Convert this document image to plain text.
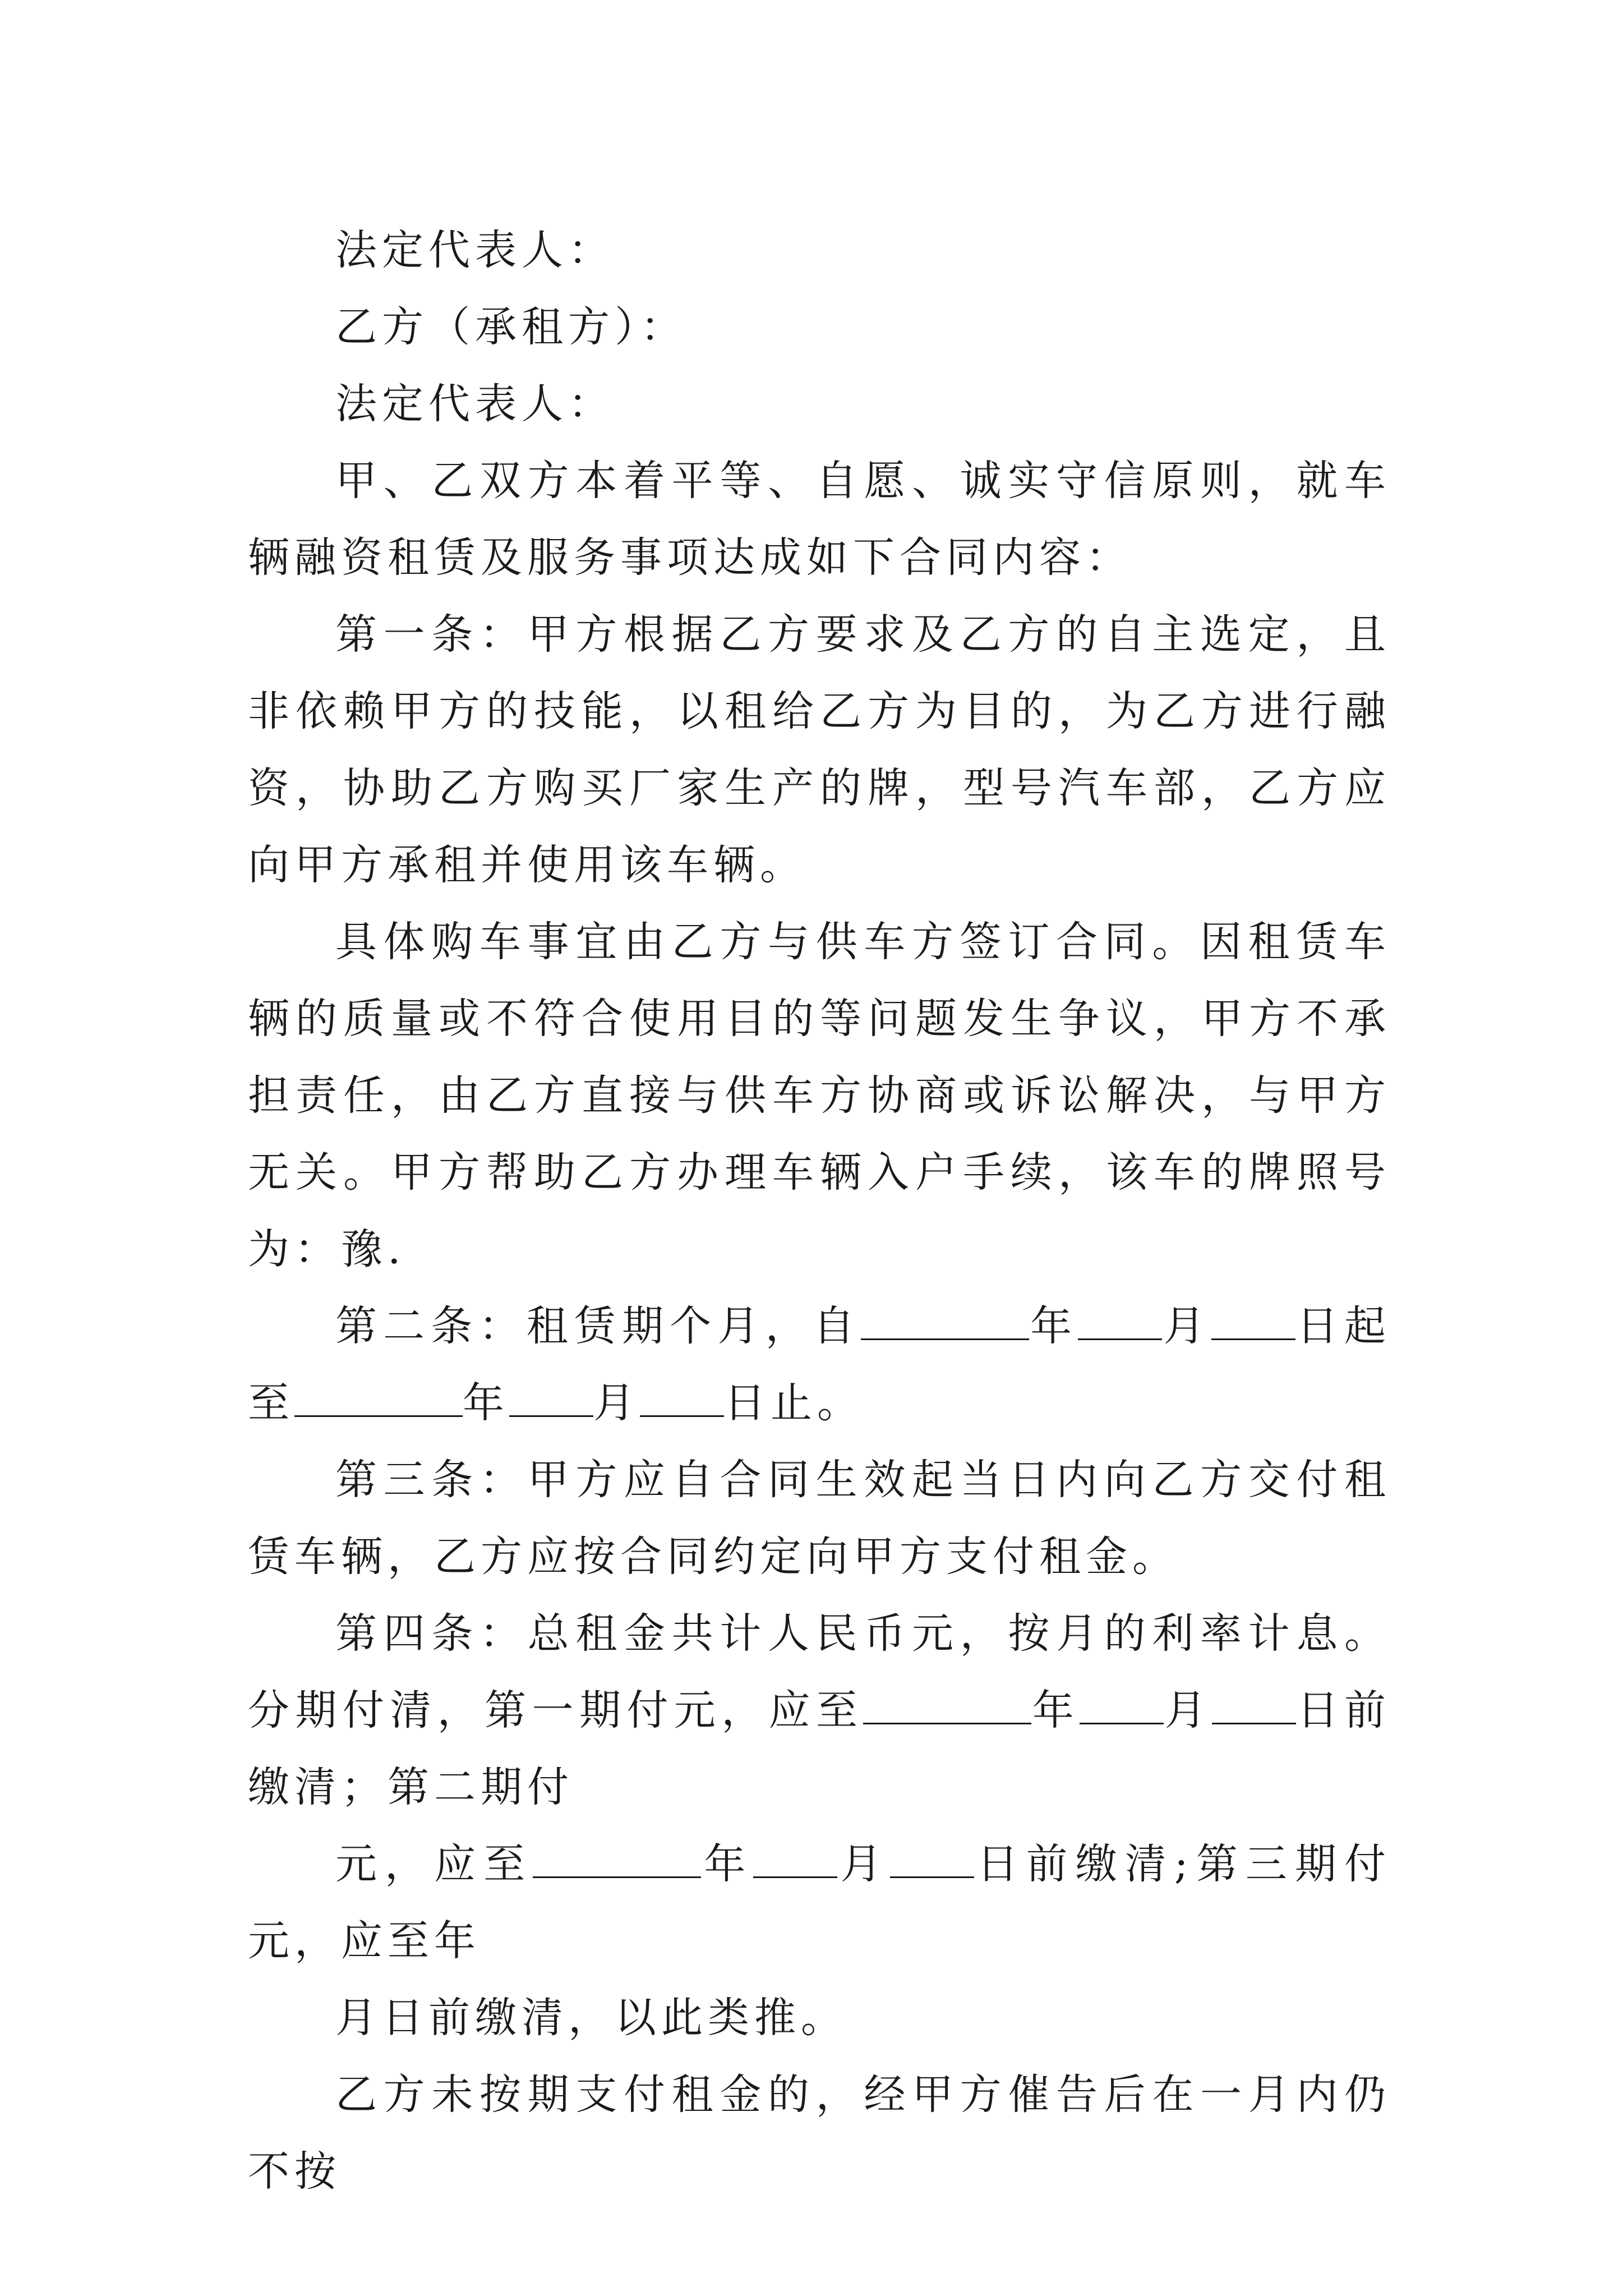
法定代表人：

乙方（承租方）：

法定代表人：

甲、乙双方本着平等、自愿、诚实守信原则，就车辆融资租赁及服务事项达成如下合同内容：

第一条：甲方根据乙方要求及乙方的自主选定，且非依赖甲方的技能，以租给乙方为目的，为乙方进行融资，协助乙方购买厂家生产的牌，型号汽车部，乙方应向甲方承租并使用该车辆。

具体购车事宜由乙方与供车方签订合同。因租赁车辆的质量或不符合使用目的等问题发生争议，甲方不承担责任，由乙方直接与供车方协商或诉讼解决，与甲方无关。甲方帮助乙方办理车辆入户手续，该车的牌照号为：豫.

第二条：租赁期个月，自	年 月 日起至	年 月 日止。

第三条：甲方应自合同生效起当日内向乙方交付租赁车辆，乙方应按合同约定向甲方支付租金。

第四条：总租金共计人民币元，按月的利率计息。分期付清，第一期付元，应至	年 月 日前缴清；第二期付

元，应至	年 月 日前缴清;第三期付元，应至年

月日前缴清，以此类推。

乙方未按期支付租金的，经甲方催告后在一月内仍不按
